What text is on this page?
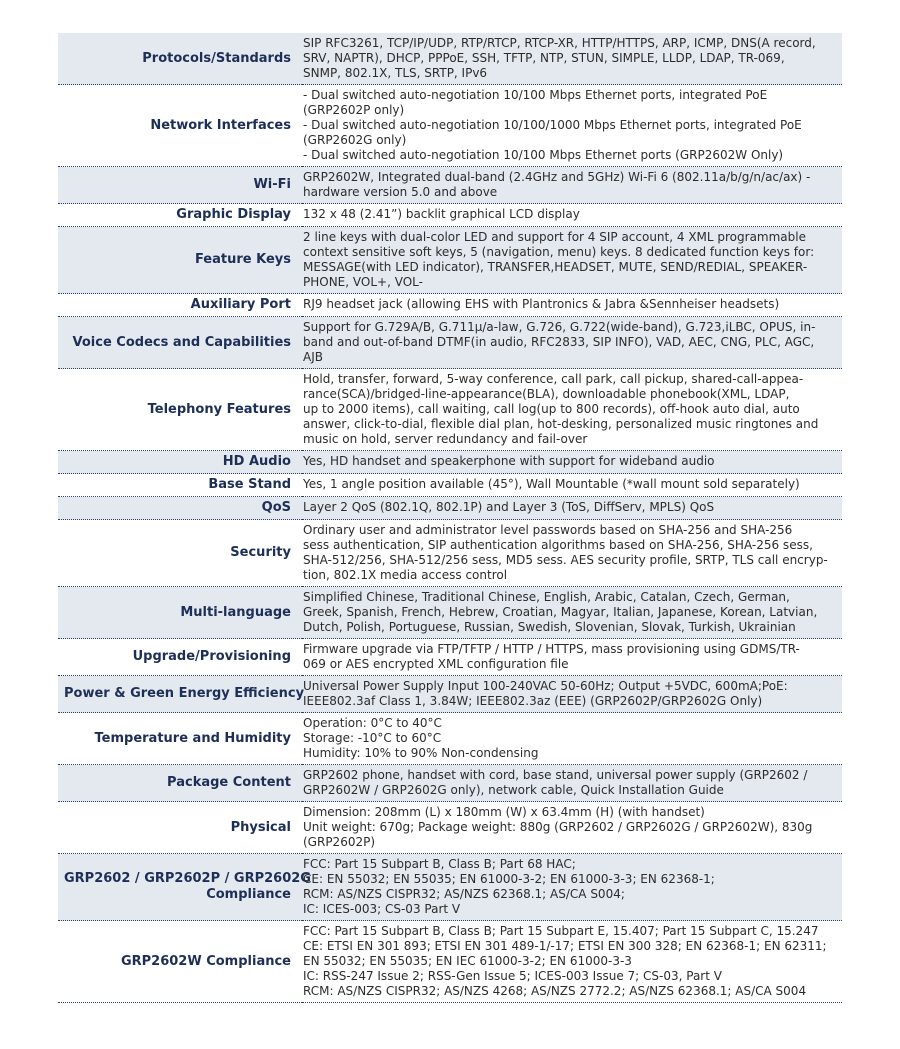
Protocols/Standards	SIP RFC3261, TCP/IP/UDP, RTP/RTCP, RTCP-XR, HTTP/HTTPS, ARP, ICMP, DNS(A record,
SRV, NAPTR), DHCP, PPPoE, SSH, TFTP, NTP, STUN, SIMPLE, LLDP, LDAP, TR-069,
SNMP, 802.1X, TLS, SRTP, IPv6

Network Interfaces	- Dual switched auto-negotiation 10/100 Mbps Ethernet ports, integrated PoE
(GRP2602P only)
- Dual switched auto-negotiation 10/100/1000 Mbps Ethernet ports, integrated PoE
(GRP2602G only)
- Dual switched auto-negotiation 10/100 Mbps Ethernet ports (GRP2602W Only)

Wi-Fi	GRP2602W, Integrated dual-band (2.4GHz and 5GHz) Wi-Fi 6 (802.11a/b/g/n/ac/ax) -
hardware version 5.0 and above

Graphic Display	132 x 48 (2.41”) backlit graphical LCD display

Feature Keys	2 line keys with dual-color LED and support for 4 SIP account, 4 XML programmable
context sensitive soft keys, 5 (navigation, menu) keys. 8 dedicated function keys for:
MESSAGE(with LED indicator), TRANSFER,HEADSET, MUTE, SEND/REDIAL, SPEAKER-
PHONE, VOL+, VOL-

Auxiliary Port	RJ9 headset jack (allowing EHS with Plantronics & Jabra &Sennheiser headsets)

Voice Codecs and Capabilities	Support for G.729A/B, G.711µ/a-law, G.726, G.722(wide-band), G.723,iLBC, OPUS, in-
band and out-of-band DTMF(in audio, RFC2833, SIP INFO), VAD, AEC, CNG, PLC, AGC,
AJB

Telephony Features	Hold, transfer, forward, 5-way conference, call park, call pickup, shared-call-appea-
rance(SCA)/bridged-line-appearance(BLA), downloadable phonebook(XML, LDAP,
up to 2000 items), call waiting, call log(up to 800 records), off-hook auto dial, auto
answer, click-to-dial, flexible dial plan, hot-desking, personalized music ringtones and
music on hold, server redundancy and fail-over

HD Audio	Yes, HD handset and speakerphone with support for wideband audio

Base Stand	Yes, 1 angle position available (45°), Wall Mountable (*wall mount sold separately)

QoS	Layer 2 QoS (802.1Q, 802.1P) and Layer 3 (ToS, DiffServ, MPLS) QoS

Security	Ordinary user and administrator level passwords based on SHA-256 and SHA-256
sess authentication, SIP authentication algorithms based on SHA-256, SHA-256 sess,
SHA-512/256, SHA-512/256 sess, MD5 sess. AES security profile, SRTP, TLS call encryp-
tion, 802.1X media access control

Multi-language	Simplified Chinese, Traditional Chinese, English, Arabic, Catalan, Czech, German,
Greek, Spanish, French, Hebrew, Croatian, Magyar, Italian, Japanese, Korean, Latvian,
Dutch, Polish, Portuguese, Russian, Swedish, Slovenian, Slovak, Turkish, Ukrainian

Upgrade/Provisioning	Firmware upgrade via FTP/TFTP / HTTP / HTTPS, mass provisioning using GDMS/TR-
069 or AES encrypted XML configuration file

Power & Green Energy Efficiency	Universal Power Supply Input 100-240VAC 50-60Hz; Output +5VDC, 600mA;PoE:
IEEE802.3af Class 1, 3.84W; IEEE802.3az (EEE) (GRP2602P/GRP2602G Only)

Temperature and Humidity	Operation: 0°C to 40°C
Storage: -10°C to 60°C
Humidity: 10% to 90% Non-condensing

Package Content	GRP2602 phone, handset with cord, base stand, universal power supply (GRP2602 /
GRP2602W / GRP2602G only), network cable, Quick Installation Guide

Physical	Dimension: 208mm (L) x 180mm (W) x 63.4mm (H) (with handset)
Unit weight: 670g; Package weight: 880g (GRP2602 / GRP2602G / GRP2602W), 830g
(GRP2602P)

GRP2602 / GRP2602P / GRP2602G
Compliance	FCC: Part 15 Subpart B, Class B; Part 68 HAC;
CE: EN 55032; EN 55035; EN 61000-3-2; EN 61000-3-3; EN 62368-1;
RCM: AS/NZS CISPR32; AS/NZS 62368.1; AS/CA S004;
IC: ICES-003; CS-03 Part V

GRP2602W Compliance	FCC: Part 15 Subpart B, Class B; Part 15 Subpart E, 15.407; Part 15 Subpart C, 15.247
CE: ETSI EN 301 893; ETSI EN 301 489-1/-17; ETSI EN 300 328; EN 62368-1; EN 62311;
EN 55032; EN 55035; EN IEC 61000-3-2; EN 61000-3-3
IC: RSS-247 Issue 2; RSS-Gen Issue 5; ICES-003 Issue 7; CS-03, Part V
RCM: AS/NZS CISPR32; AS/NZS 4268; AS/NZS 2772.2; AS/NZS 62368.1; AS/CA S004
